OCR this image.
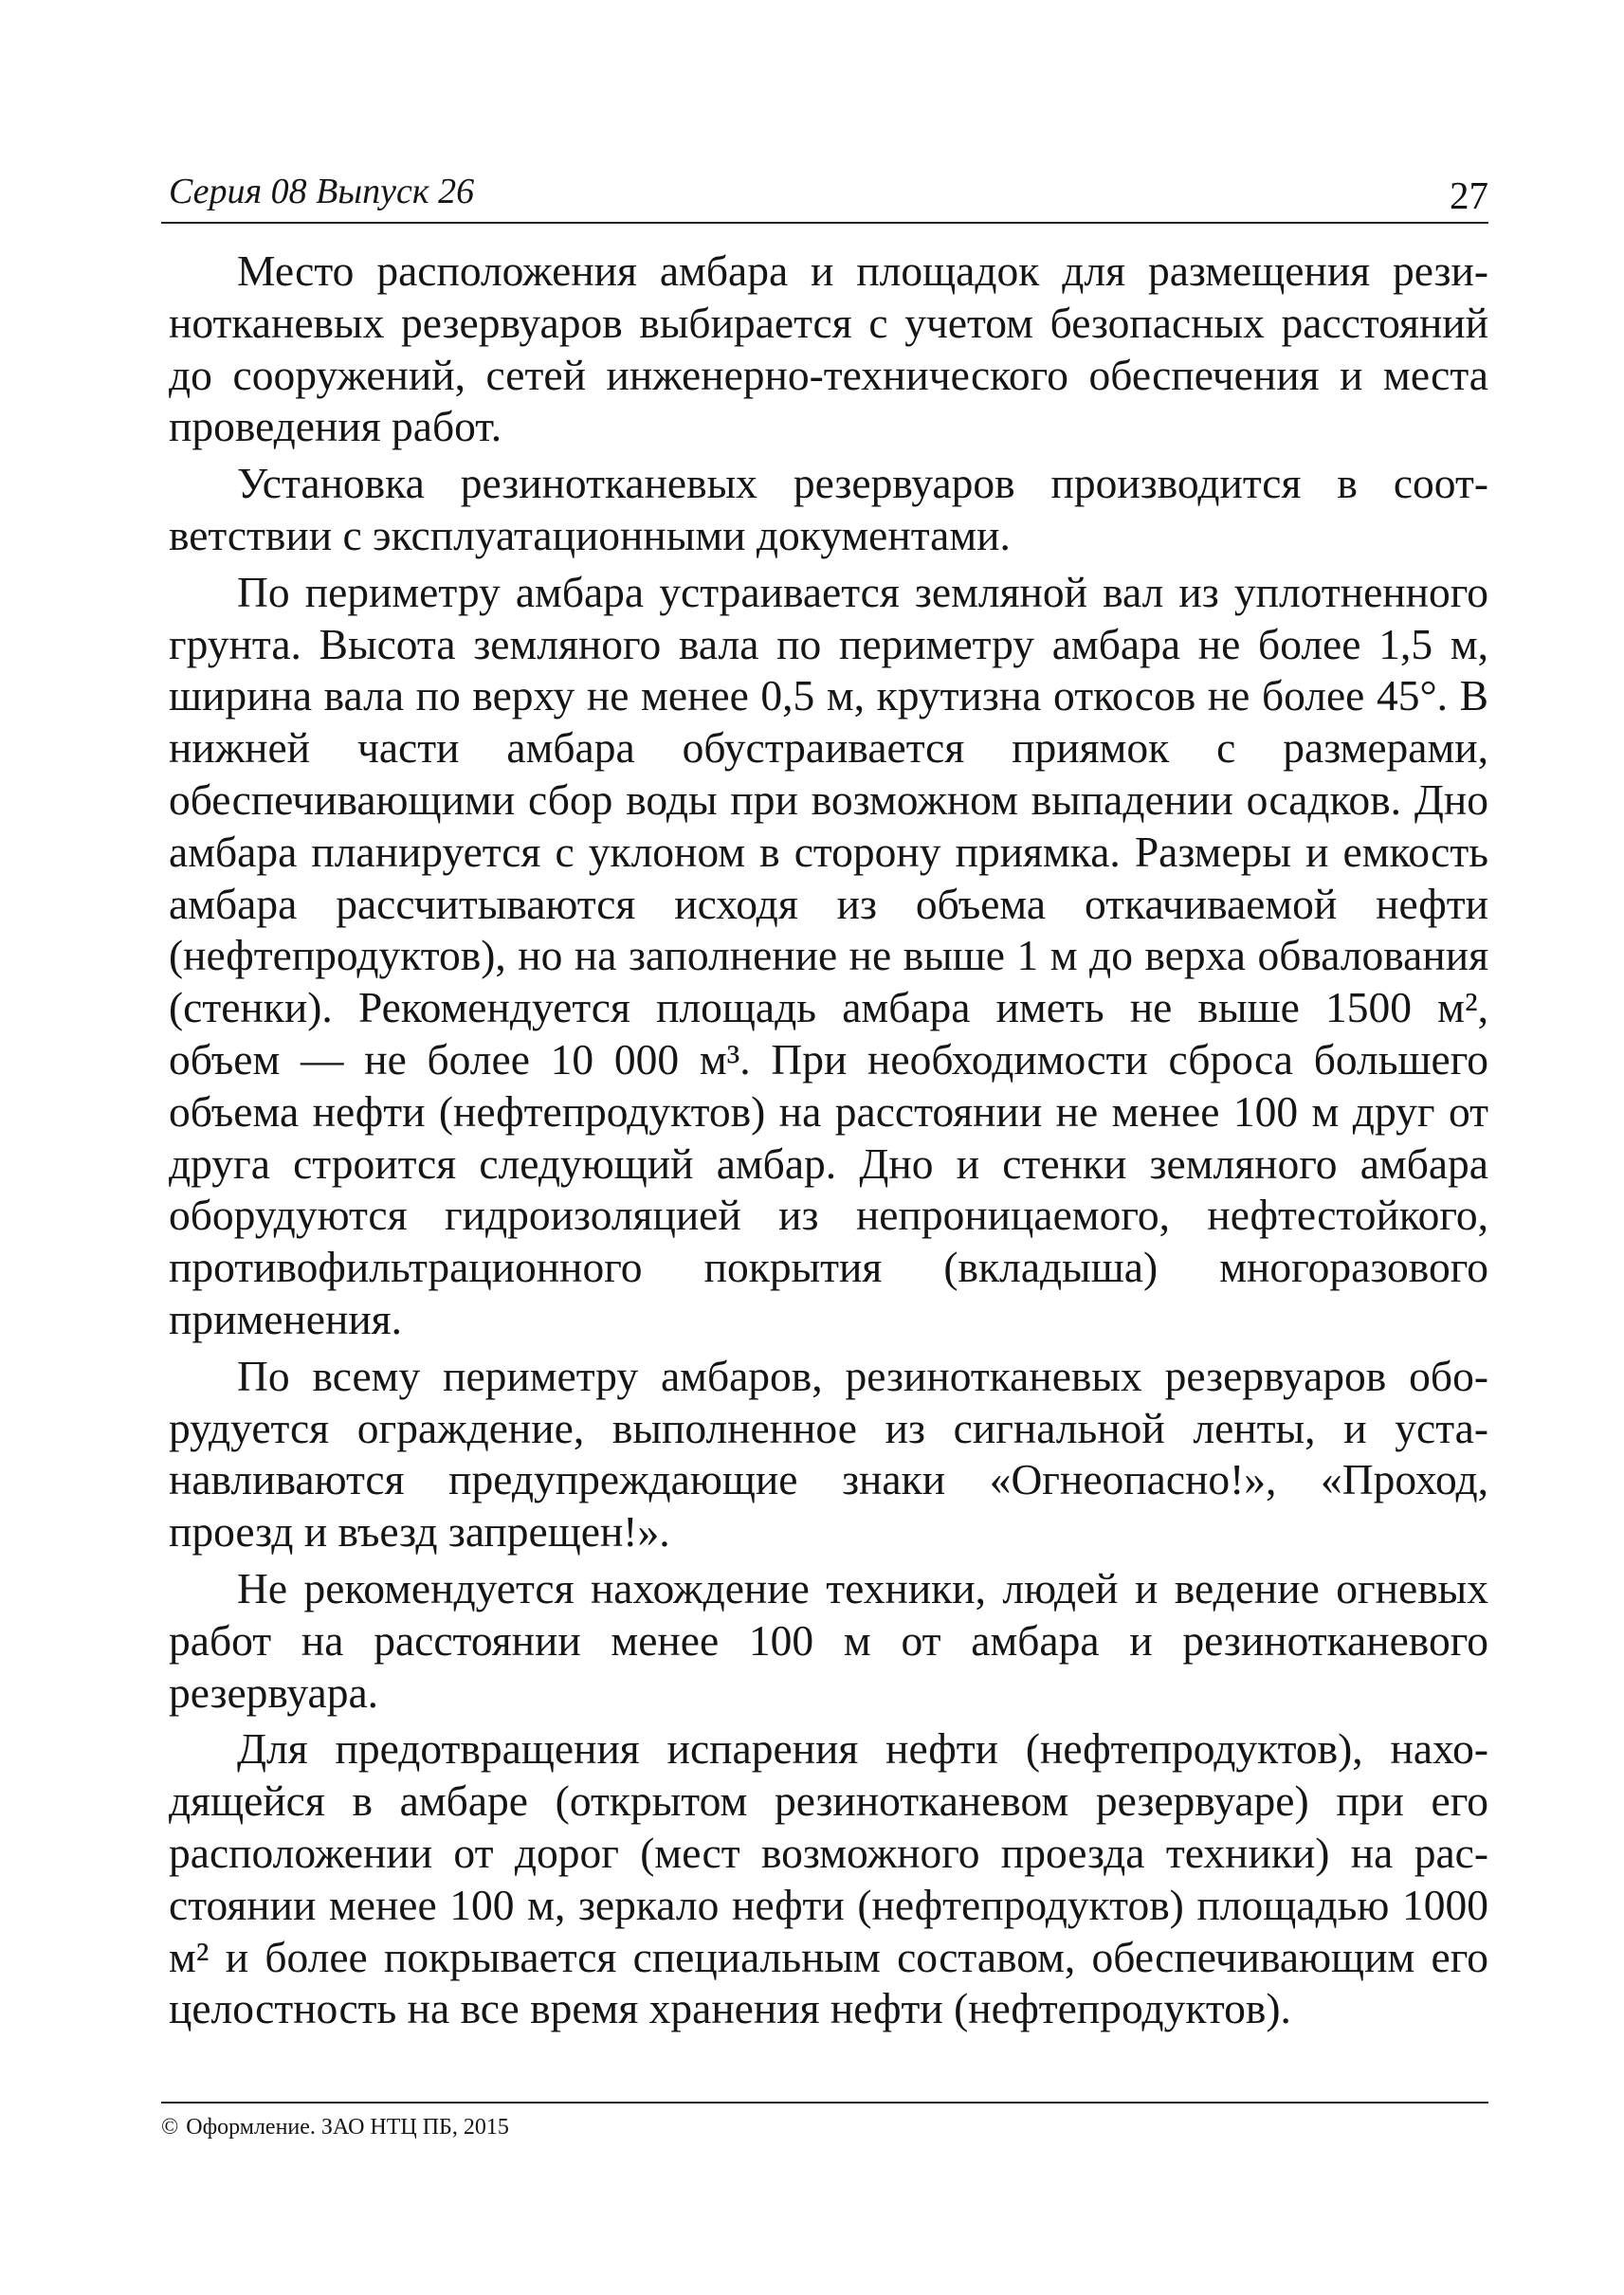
Серия 08 Выпуск 26	27

Место расположения амбара и площадок для размещения резинотканевых резервуаров выбирается с учетом безопасных расстояний до сооружений, сетей инженерно-технического обеспечения и места проведения работ.

Установка резинотканевых резервуаров производится в соответствии с эксплуатационными документами.

По периметру амбара устраивается земляной вал из уплотненного грунта. Высота земляного вала по периметру амбара не более 1,5 м, ширина вала по верху не менее 0,5 м, крутизна откосов не более 45°. В нижней части амбара обустраивается приямок с размерами, обеспечивающими сбор воды при возможном выпадении осадков. Дно амбара планируется с уклоном в сторону приямка. Размеры и емкость амбара рассчитываются исходя из объема откачиваемой нефти (нефтепродуктов), но на заполнение не выше 1 м до верха обвалования (стенки). Рекомендуется площадь амбара иметь не выше 1500 м², объем — не более 10 000 м³. При необходимости сброса большего объема нефти (нефтепродуктов) на расстоянии не менее 100 м друг от друга строится следующий амбар. Дно и стенки земляного амбара оборудуются гидроизоляцией из непроницаемого, нефтестойкого, противофильтрационного покрытия (вкладыша) многоразового применения.

По всему периметру амбаров, резинотканевых резервуаров оборудуется ограждение, выполненное из сигнальной ленты, и устанавливаются предупреждающие знаки «Огнеопасно!», «Проход, проезд и въезд запрещен!».

Не рекомендуется нахождение техники, людей и ведение огневых работ на расстоянии менее 100 м от амбара и резинотканевого резервуара.

Для предотвращения испарения нефти (нефтепродуктов), находящейся в амбаре (открытом резинотканевом резервуаре) при его расположении от дорог (мест возможного проезда техники) на расстоянии менее 100 м, зеркало нефти (нефтепродуктов) площадью 1000 м² и более покрывается специальным составом, обеспечивающим его целостность на все время хранения нефти (нефтепродуктов).

© Оформление. ЗАО НТЦ ПБ, 2015
